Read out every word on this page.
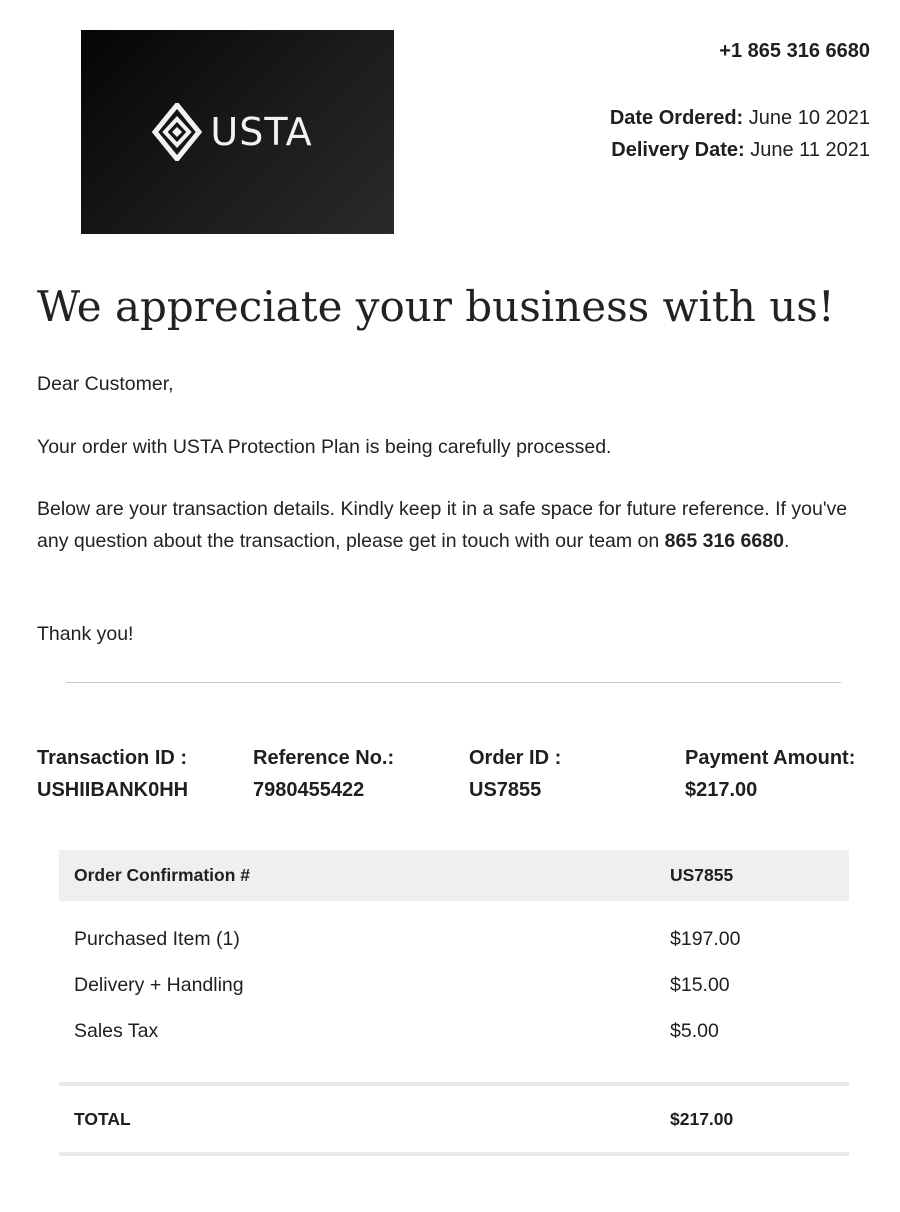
USTA
+1 865 316 6680
Date Ordered: June 10 2021
Delivery Date: June 11 2021
We appreciate your business with us!

Dear Customer,

Your order with USTA Protection Plan is being carefully processed.

Below are your transaction details. Kindly keep it in a safe space for future reference. If you've any question about the transaction, please get in touch with our team on 865 316 6680.

Thank you!

Transaction ID :
USHIIBANK0HH
Reference No.:
7980455422
Order ID :
US7855
Payment Amount:
$217.00
Order Confirmation #	US7855
Purchased Item (1)	$197.00
Delivery + Handling	$15.00
Sales Tax	$5.00
TOTAL	$217.00
